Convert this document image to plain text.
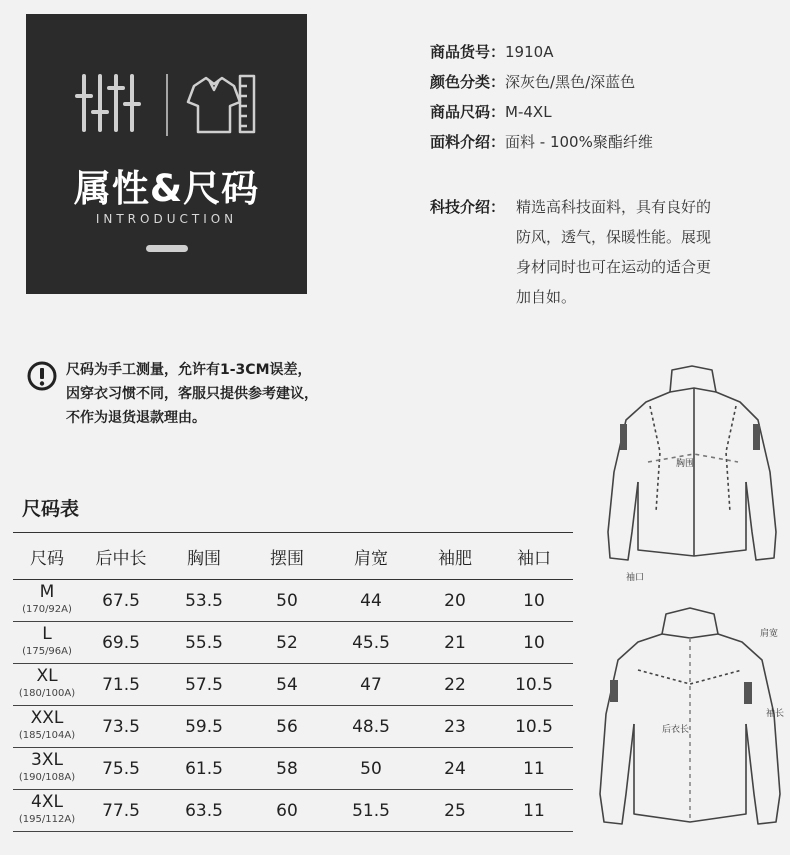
属性&尺码
INTRODUCTION
商品货号：1910A
颜色分类：深灰色/黑色/深蓝色
商品尺码：M-4XL
面料介绍：面料 - 100%聚酯纤维
科技介绍： 精选高科技面料，具有良好的
防风，透气，保暖性能。展现
身材同时也可在运动的适合更
加自如。
尺码为手工测量，允许有1-3CM误差，
因穿衣习惯不同，客服只提供参考建议，
不作为退货退款理由。
尺码表
尺码	后中长	胸围	摆围	肩宽	袖肥	袖口

M
(170/92A)	67.5	53.5	50	44	20	10

L
(175/96A)	69.5	55.5	52	45.5	21	10

XL
(180/100A)	71.5	57.5	54	47	22	10.5

XXL
(185/104A)	73.5	59.5	56	48.5	23	10.5

3XL
(190/108A)	75.5	61.5	58	50	24	11

4XL
(195/112A)	77.5	63.5	60	51.5	25	11
胸围
袖口
肩宽
袖长
后衣长
